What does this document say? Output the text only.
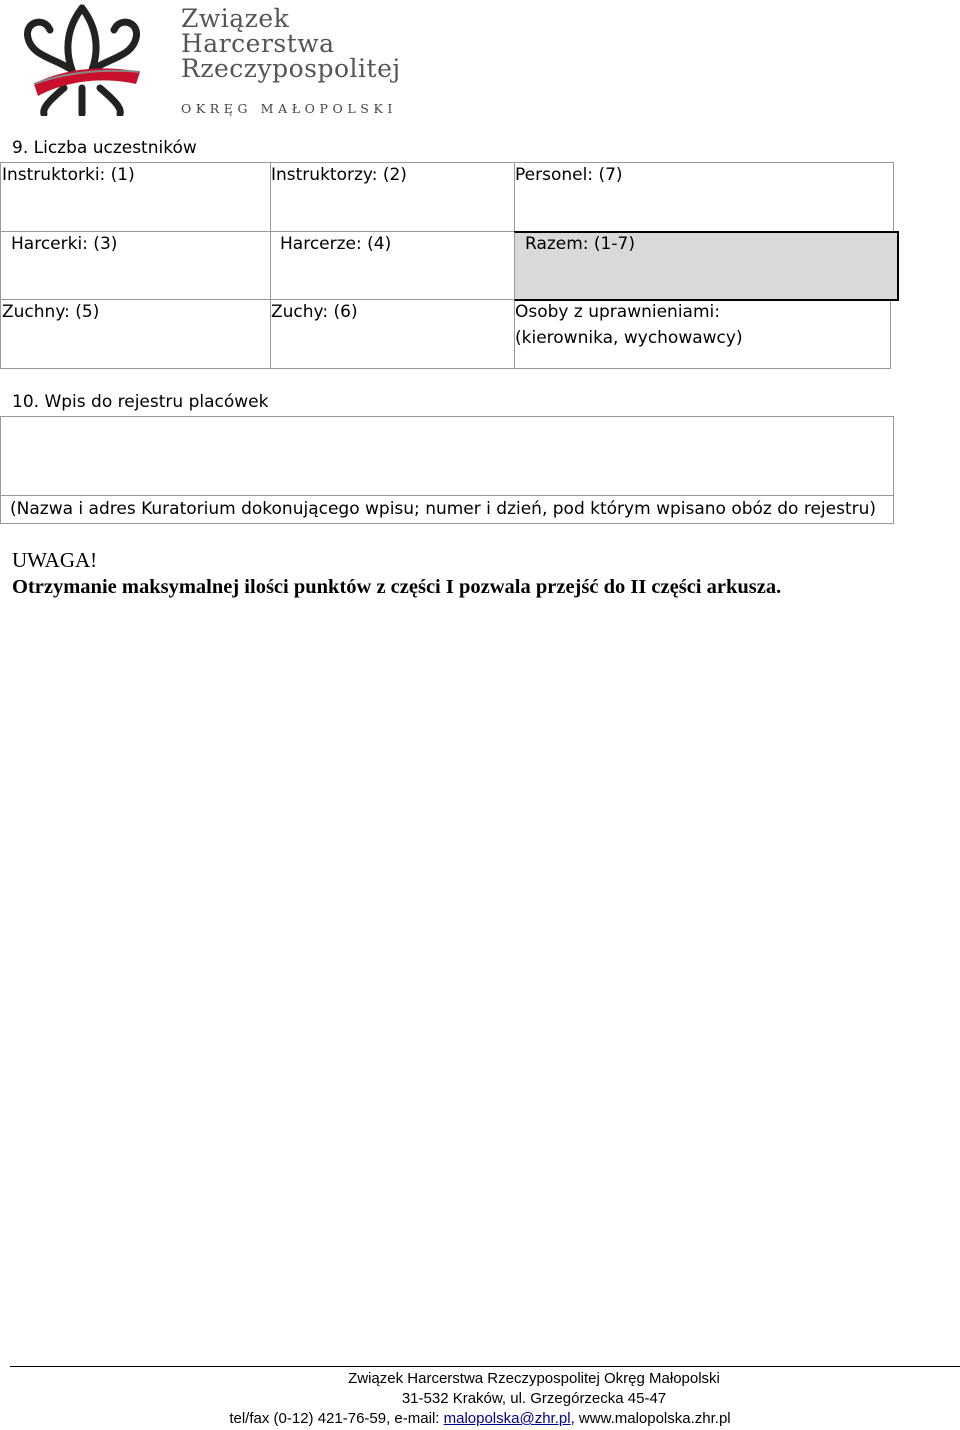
Związek
Harcerstwa
Rzeczypospolitej
OKRĘG MAŁOPOLSKI
9. Liczba uczestników
Instruktorki: (1)	Instruktorzy: (2)	Personel: (7)
Harcerki: (3)	Harcerze: (4)	Razem: (1-7)
Zuchny: (5)	Zuchy: (6)	Osoby z uprawnieniami:
(kierownika, wychowawcy)
10. Wpis do rejestru placówek
(Nazwa i adres Kuratorium dokonującego wpisu; numer i dzień, pod którym wpisano obóz do rejestru)
UWAGA!
Otrzymanie maksymalnej ilości punktów z części I pozwala przejść do II części arkusza.
Związek Harcerstwa Rzeczypospolitej Okręg Małopolski
31-532 Kraków, ul. Grzegórzecka 45-47
tel/fax (0-12) 421-76-59, e-mail: malopolska@zhr.pl, www.malopolska.zhr.pl
